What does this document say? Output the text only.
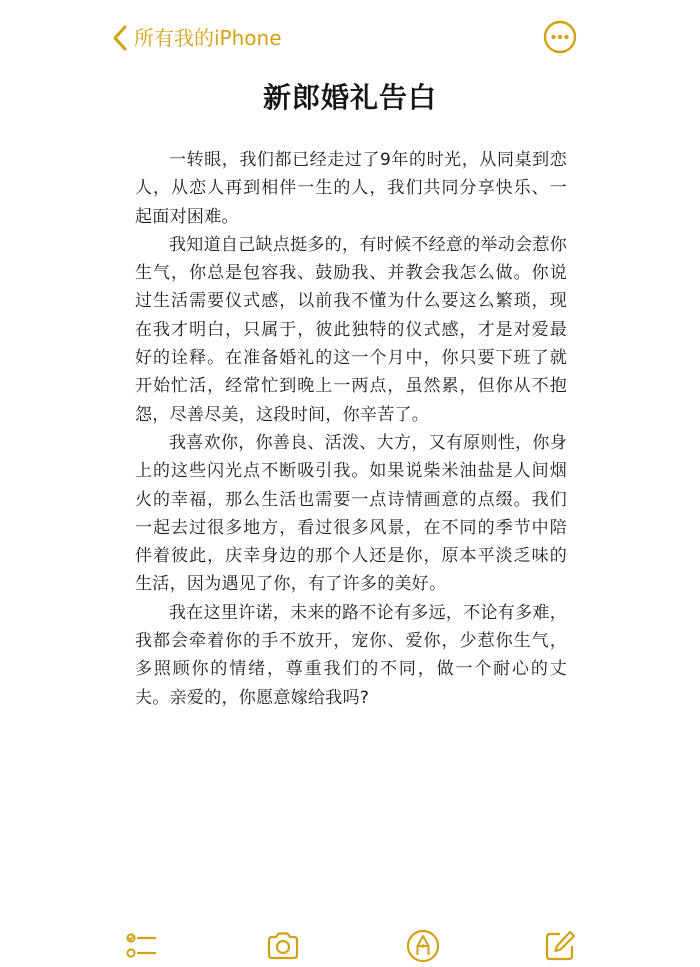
所有我的iPhone
新郎婚礼告白

一转眼，我们都已经走过了9年的时光，从同桌到恋人，从恋人再到相伴一生的人，我们共同分享快乐、一起面对困难。

我知道自己缺点挺多的，有时候不经意的举动会惹你生气，你总是包容我、鼓励我、并教会我怎么做。你说过生活需要仪式感，以前我不懂为什么要这么繁琐，现在我才明白，只属于，彼此独特的仪式感，才是对爱最好的诠释。在准备婚礼的这一个月中，你只要下班了就开始忙活，经常忙到晚上一两点，虽然累，但你从不抱怨，尽善尽美，这段时间，你辛苦了。

我喜欢你，你善良、活泼、大方，又有原则性，你身上的这些闪光点不断吸引我。如果说柴米油盐是人间烟火的幸福，那么生活也需要一点诗情画意的点缀。我们一起去过很多地方，看过很多风景，在不同的季节中陪伴着彼此，庆幸身边的那个人还是你，原本平淡乏味的生活，因为遇见了你，有了许多的美好。

我在这里许诺，未来的路不论有多远，不论有多难，我都会牵着你的手不放开，宠你、爱你，少惹你生气，多照顾你的情绪，尊重我们的不同，做一个耐心的丈夫。亲爱的，你愿意嫁给我吗?
